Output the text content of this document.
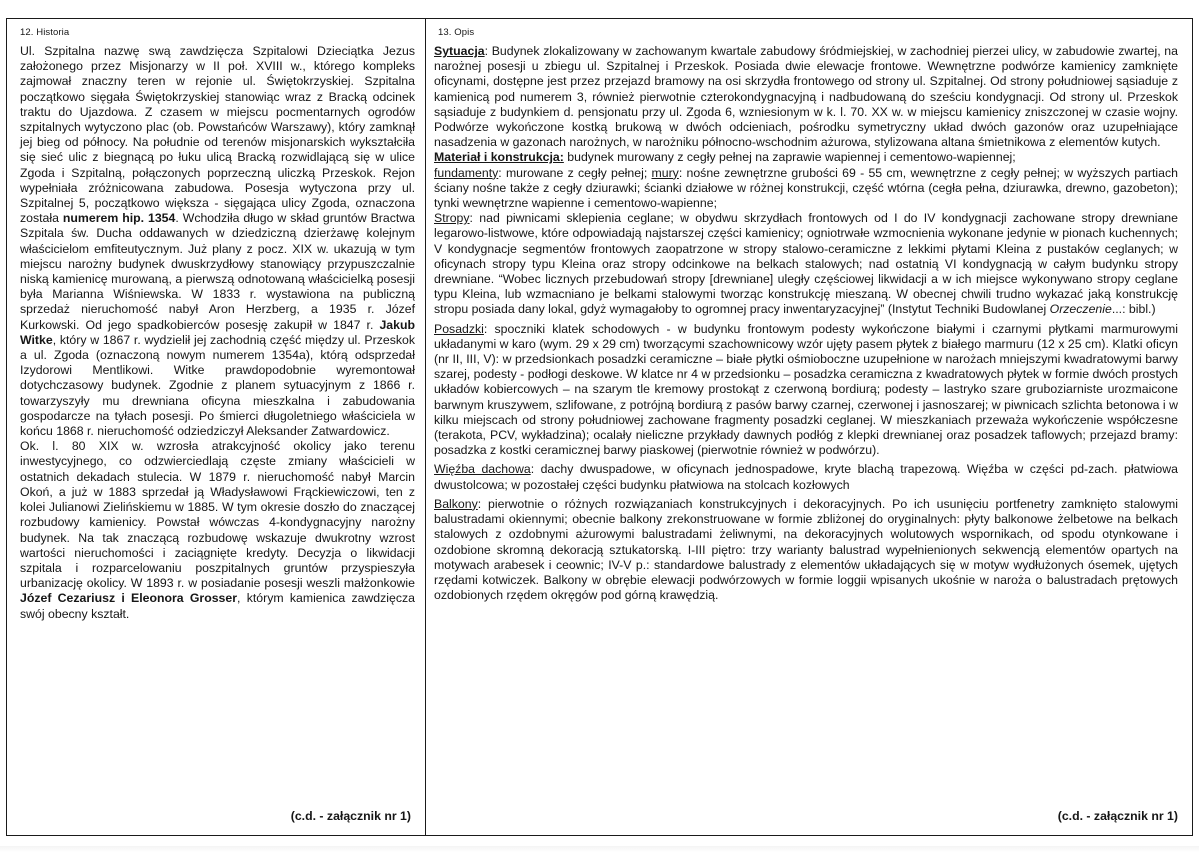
12. Historia

Ul. Szpitalna nazwę swą zawdzięcza Szpitalowi Dzieciątka Jezus założonego przez Misjonarzy w II poł. XVIII w., którego kompleks zajmował znaczny teren w rejonie ul. Świętokrzyskiej. Szpitalna początkowo sięgała Świętokrzyskiej stanowiąc wraz z Bracką odcinek traktu do Ujazdowa. Z czasem w miejscu pocmentarnych ogrodów szpitalnych wytyczono plac (ob. Powstańców Warszawy), który zamknął jej bieg od północy. Na południe od terenów misjonarskich wykształciła się sieć ulic z biegnącą po łuku ulicą Bracką rozwidlającą się w ulice Zgoda i Szpitalną, połączonych poprzeczną uliczką Przeskok. Rejon wypełniała zróżnicowana zabudowa. Posesja wytyczona przy ul. Szpitalnej 5, początkowo większa - sięgająca ulicy Zgoda, oznaczona została numerem hip. 1354. Wchodziła długo w skład gruntów Bractwa Szpitala św. Ducha oddawanych w dziedziczną dzierżawę kolejnym właścicielom emfiteutycznym. Już plany z pocz. XIX w. ukazują w tym miejscu narożny budynek dwuskrzydłowy stanowiący przypuszczalnie niską kamienicę murowaną, a pierwszą odnotowaną właścicielką posesji była Marianna Wiśniewska. W 1833 r. wystawiona na publiczną sprzedaż nieruchomość nabył Aron Herzberg, a 1935 r. Józef Kurkowski. Od jego spadkobierców posesję zakupił w 1847 r. Jakub Witke, który w 1867 r. wydzielił jej zachodnią część między ul. Przeskok a ul. Zgoda (oznaczoną nowym numerem 1354a), którą odsprzedał Izydorowi Mentlikowi. Witke prawdopodobnie wyremontował dotychczasowy budynek. Zgodnie z planem sytuacyjnym z 1866 r. towarzyszyły mu drewniana oficyna mieszkalna i zabudowania gospodarcze na tyłach posesji. Po śmierci długoletniego właściciela w końcu 1868 r. nieruchomość odziedziczył Aleksander Zatwardowicz.

Ok. l. 80 XIX w. wzrosła atrakcyjność okolicy jako terenu inwestycyjnego, co odzwierciedlają częste zmiany właścicieli w ostatnich dekadach stulecia. W 1879 r. nieruchomość nabył Marcin Okoń, a już w 1883 sprzedał ją Władysławowi Frąckiewiczowi, ten z kolei Julianowi Zielińskiemu w 1885. W tym okresie doszło do znaczącej rozbudowy kamienicy. Powstał wówczas 4-kondygnacyjny narożny budynek. Na tak znaczącą rozbudowę wskazuje dwukrotny wzrost wartości nieruchomości i zaciągnięte kredyty. Decyzja o likwidacji szpitala i rozparcelowaniu poszpitalnych gruntów przyspieszyła urbanizację okolicy. W 1893 r. w posiadanie posesji weszli małżonkowie Józef Cezariusz i Eleonora Grosser, którym kamienica zawdzięcza swój obecny kształt.

(c.d. - załącznik nr 1)
13. Opis

Sytuacja: Budynek zlokalizowany w zachowanym kwartale zabudowy śródmiejskiej, w zachodniej pierzei ulicy, w zabudowie zwartej, na narożnej posesji u zbiegu ul. Szpitalnej i Przeskok. Posiada dwie elewacje frontowe. Wewnętrzne podwórze kamienicy zamknięte oficynami, dostępne jest przez przejazd bramowy na osi skrzydła frontowego od strony ul. Szpitalnej. Od strony południowej sąsiaduje z kamienicą pod numerem 3, również pierwotnie czterokondygnacyjną i nadbudowaną do sześciu kondygnacji. Od strony ul. Przeskok sąsiaduje z budynkiem d. pensjonatu przy ul. Zgoda 6, wzniesionym w k. l. 70. XX w. w miejscu kamienicy zniszczonej w czasie wojny. Podwórze wykończone kostką brukową w dwóch odcieniach, pośrodku symetryczny układ dwóch gazonów oraz uzupełniające nasadzenia w gazonach narożnych, w narożniku północno-wschodnim ażurowa, stylizowana altana śmietnikowa z elementów kutych.

Materiał i konstrukcja: budynek murowany z cegły pełnej na zaprawie wapiennej i cementowo-wapiennej;

fundamenty: murowane z cegły pełnej; mury: nośne zewnętrzne grubości 69 - 55 cm, wewnętrzne z cegły pełnej; w wyższych partiach ściany nośne także z cegły dziurawki; ścianki działowe w różnej konstrukcji, część wtórna (cegła pełna, dziurawka, drewno, gazobeton); tynki wewnętrzne wapienne i cementowo-wapienne;

Stropy: nad piwnicami sklepienia ceglane; w obydwu skrzydłach frontowych od I do IV kondygnacji zachowane stropy drewniane legarowo-listwowe, które odpowiadają najstarszej części kamienicy; ogniotrwałe wzmocnienia wykonane jedynie w pionach kuchennych; V kondygnacje segmentów frontowych zaopatrzone w stropy stalowo-ceramiczne z lekkimi płytami Kleina z pustaków ceglanych; w oficynach stropy typu Kleina oraz stropy odcinkowe na belkach stalowych; nad ostatnią VI kondygnacją w całym budynku stropy drewniane. “Wobec licznych przebudowań stropy [drewniane] uległy częściowej likwidacji a w ich miejsce wykonywano stropy ceglane typu Kleina, lub wzmacniano je belkami stalowymi tworząc konstrukcję mieszaną. W obecnej chwili trudno wykazać jaką konstrukcję stropu posiada dany lokal, gdyż wymagałoby to ogromnej pracy inwentaryzacyjnej” (Instytut Techniki Budowlanej Orzeczenie...: bibl.)

Posadzki: spoczniki klatek schodowych - w budynku frontowym podesty wykończone białymi i czarnymi płytkami marmurowymi układanymi w karo (wym. 29 x 29 cm) tworzącymi szachownicowy wzór ujęty pasem płytek z białego marmuru (12 x 25 cm). Klatki oficyn (nr II, III, V): w przedsionkach posadzki ceramiczne – białe płytki ośmioboczne uzupełnione w narożach mniejszymi kwadratowymi barwy szarej, podesty - podłogi deskowe. W klatce nr 4 w przedsionku – posadzka ceramiczna z kwadratowych płytek w formie dwóch prostych układów kobiercowych – na szarym tle kremowy prostokąt z czerwoną bordiurą; podesty – lastryko szare gruboziarniste urozmaicone barwnym kruszywem, szlifowane, z potrójną bordiurą z pasów barwy czarnej, czerwonej i jasnoszarej; w piwnicach szlichta betonowa i w kilku miejscach od strony południowej zachowane fragmenty posadzki ceglanej. W mieszkaniach przeważa wykończenie współczesne (terakota, PCV, wykładzina); ocalały nieliczne przykłady dawnych podłóg z klepki drewnianej oraz posadzek taflowych; przejazd bramy: posadzka z kostki ceramicznej barwy piaskowej (pierwotnie również w podwórzu).

Więźba dachowa: dachy dwuspadowe, w oficynach jednospadowe, kryte blachą trapezową. Więźba w części pd-zach. płatwiowa dwustolcowa; w pozostałej części budynku płatwiowa na stolcach kozłowych

Balkony: pierwotnie o różnych rozwiązaniach konstrukcyjnych i dekoracyjnych. Po ich usunięciu portfenetry zamknięto stalowymi balustradami okiennymi; obecnie balkony zrekonstruowane w formie zbliżonej do oryginalnych: płyty balkonowe żelbetowe na belkach stalowych z ozdobnymi ażurowymi balustradami żeliwnymi, na dekoracyjnych wolutowych wspornikach, od spodu otynkowane i ozdobione skromną dekoracją sztukatorską. I-III piętro: trzy warianty balustrad wypełnienionych sekwencją elementów opartych na motywach arabesek i ceownic; IV-V p.: standardowe balustrady z elementów układających się w motyw wydłużonych ósemek, ujętych rzędami kotwiczek. Balkony w obrębie elewacji podwórzowych w formie loggii wpisanych ukośnie w naroża o balustradach prętowych ozdobionych rzędem okręgów pod górną krawędzią.

(c.d. - załącznik nr 1)
